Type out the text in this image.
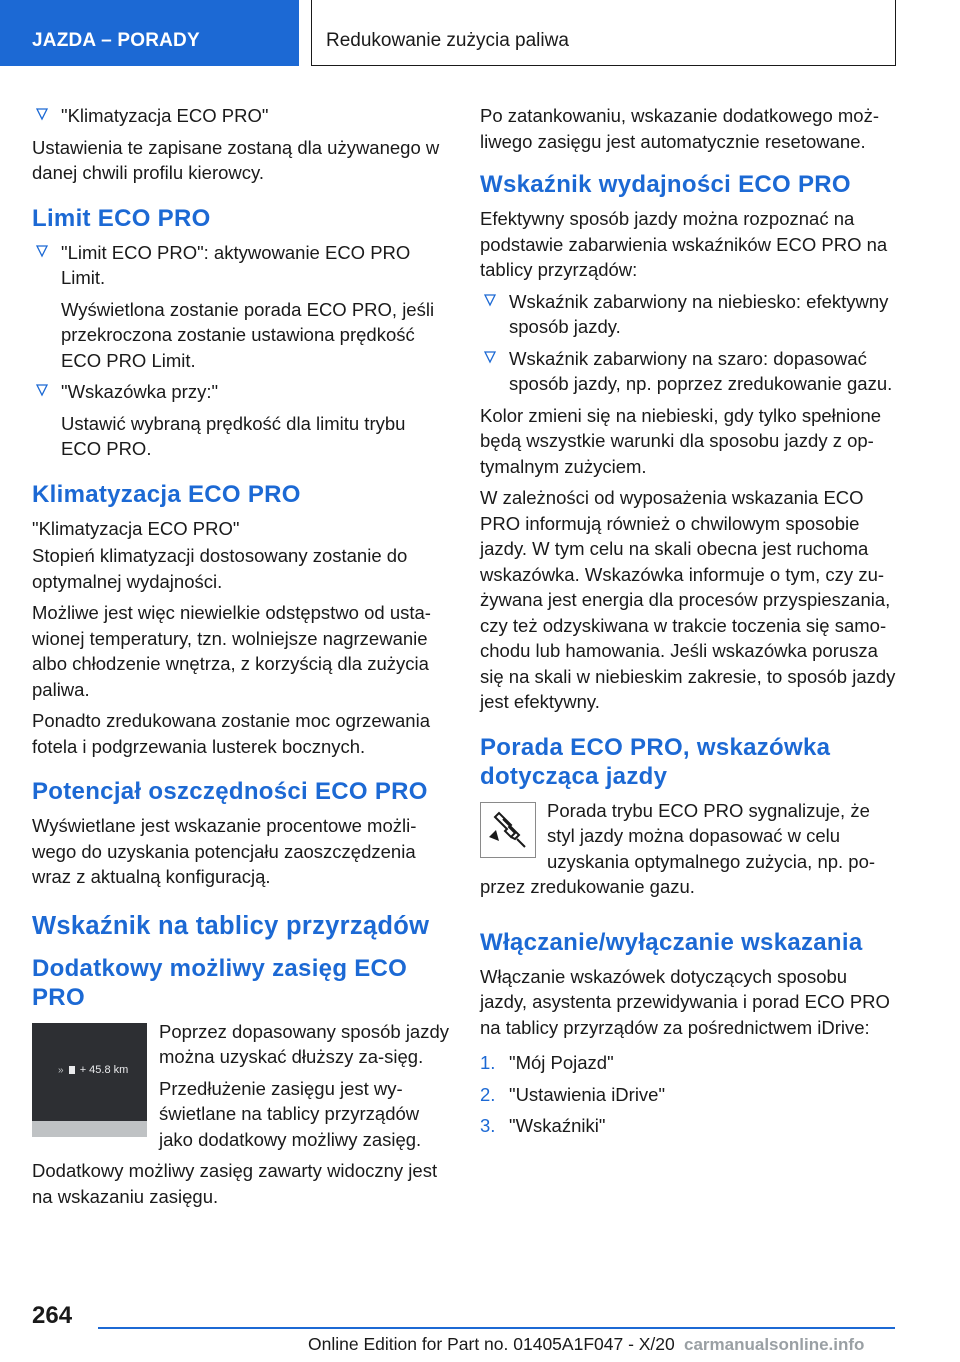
JAZDA – PORADY	Redukowanie zużycia paliwa
"Klimatyzacja ECO PRO"

Ustawienia te zapisane zostaną dla używanego w danej chwili profilu kierowcy.

Limit ECO PRO
"Limit ECO PRO": aktywowanie ECO PRO Limit.
Wyświetlona zostanie porada ECO PRO, jeśli przekroczona zostanie ustawiona prędkość ECO PRO Limit.
"Wskazówka przy:"
Ustawić wybraną prędkość dla limitu trybu ECO PRO.
Klimatyzacja ECO PRO

"Klimatyzacja ECO PRO"

Stopień klimatyzacji dostosowany zostanie do optymalnej wydajności.

Możliwe jest więc niewielkie odstępstwo od usta-wionej temperatury, tzn. wolniejsze nagrzewanie albo chłodzenie wnętrza, z korzyścią dla zużycia paliwa.

Ponadto zredukowana zostanie moc ogrzewania fotela i podgrzewania lusterek bocznych.

Potencjał oszczędności ECO PRO

Wyświetlane jest wskazanie procentowe możli-wego do uzyskania potencjału zaoszczędzenia wraz z aktualną konfiguracją.

Wskaźnik na tablicy przyrządów
Dodatkowy możliwy zasięg ECO PRO
» + 45.8 km

Poprzez dopasowany sposób jazdy można uzyskać dłuższy za-sięg.

Przedłużenie zasięgu jest wy-świetlane na tablicy przyrządów jako dodatkowy możliwy zasięg.

Dodatkowy możliwy zasięg zawarty widoczny jest na wskazaniu zasięgu.

Po zatankowaniu, wskazanie dodatkowego moż-liwego zasięgu jest automatycznie resetowane.

Wskaźnik wydajności ECO PRO

Efektywny sposób jazdy można rozpoznać na podstawie zabarwienia wskaźników ECO PRO na tablicy przyrządów:

Wskaźnik zabarwiony na niebiesko: efektywny sposób jazdy.
Wskaźnik zabarwiony na szaro: dopasować sposób jazdy, np. poprzez zredukowanie gazu.

Kolor zmieni się na niebieski, gdy tylko spełnione będą wszystkie warunki dla sposobu jazdy z op-tymalnym zużyciem.

W zależności od wyposażenia wskazania ECO PRO informują również o chwilowym sposobie jazdy. W tym celu na skali obecna jest ruchoma wskazówka. Wskazówka informuje o tym, czy zu-żywana jest energia dla procesów przyspieszania, czy też odzyskiwana w trakcie toczenia się samo-chodu lub hamowania. Jeśli wskazówka porusza się na skali w niebieskim zakresie, to sposób jazdy jest efektywny.

Porada ECO PRO, wskazówka dotycząca jazdy

Porada trybu ECO PRO sygnalizuje, że styl jazdy można dopasować w celu uzyskania optymalnego zużycia, np. po-przez zredukowanie gazu.

Włączanie/wyłączanie wskazania

Włączanie wskazówek dotyczących sposobu jazdy, asystenta przewidywania i porad ECO PRO na tablicy przyrządów za pośrednictwem iDrive:

1. "Mój Pojazd"
2. "Ustawienia iDrive"
3. "Wskaźniki"
264
Online Edition for Part no. 01405A1F047 - X/20 carmanualsonline.info
